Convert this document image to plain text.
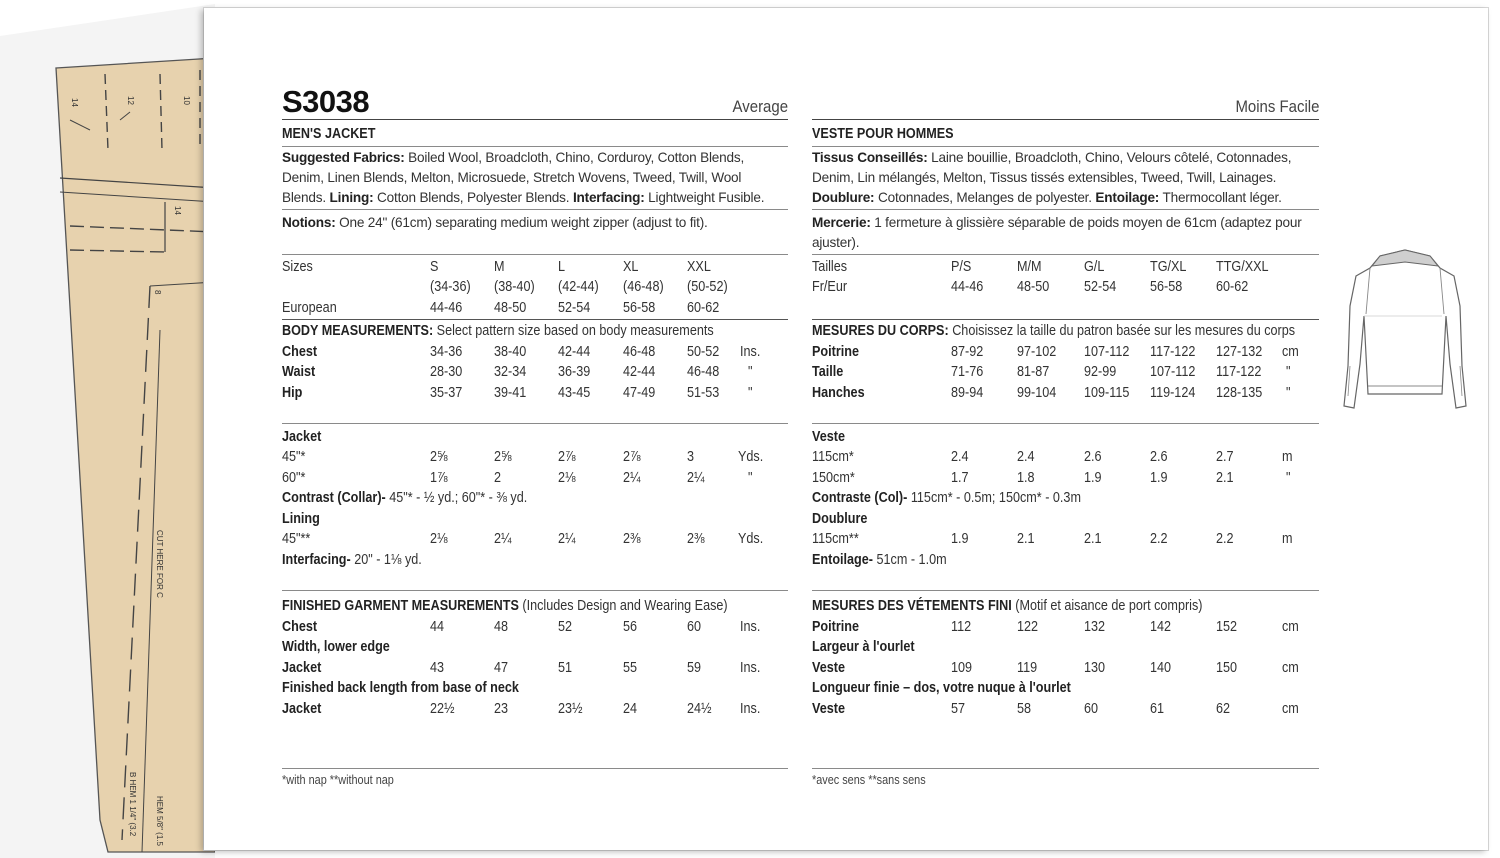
14	12	10
14
8
CUT HERE FOR C
B HEM 1 1/4" (3.2 HEM 5/8" (1.5
S3038	Average
MEN'S JACKET
Suggested Fabrics: Boiled Wool, Broadcloth, Chino, Corduroy, Cotton Blends, Denim, Linen Blends, Melton, Microsuede, Stretch Wovens, Tweed, Twill, Wool Blends. Lining: Cotton Blends, Polyester Blends. Interfacing: Lightweight Fusible.
Notions: One 24" (61cm) separating medium weight zipper (adjust to fit).
Sizes	S	M	L	XL	XXL
(34-36) (38-40) (42-44) (46-48) (50-52)
European	44-46 48-50 52-54 56-58 60-62
BODY MEASUREMENTS: Select pattern size based on body measurements
Chest	34-36 38-40 42-44 46-48 50-52 Ins.
Waist	28-30 32-34 36-39 42-44 46-48 "
Hip	35-37 39-41 43-45 47-49 51-53 "
Jacket
45"*	2⅝	2⅝	2⅞	2⅞	3	Yds.
60"*	1⅞	2	2⅛	2¼	2¼	"
Contrast (Collar)- 45"* - ½ yd.; 60"* - ⅜ yd.
Lining
45"**	2⅛	2¼	2¼	2⅜	2⅜ Yds.
Interfacing- 20" - 1⅛ yd.
FINISHED GARMENT MEASUREMENTS (Includes Design and Wearing Ease)
Chest	44	48	52	56	60	Ins.
Width, lower edge
Jacket	43	47	51	55	59	Ins.
Finished back length from base of neck
Jacket	22½	23	23½	24	24½ Ins.
*with nap **without nap
Moins Facile
VESTE POUR HOMMES
Tissus Conseillés: Laine bouillie, Broadcloth, Chino, Velours côtelé, Cotonnades, Denim, Lin mélangés, Melton, Tissus tissés extensibles, Tweed, Twill, Lainages. Doublure: Cotonnades, Melanges de polyester. Entoilage: Thermocollant léger.
Mercerie: 1 fermeture à glissière séparable de poids moyen de 61cm (adaptez pour ajuster).
Tailles	P/S	M/M	G/L	TG/XL TTG/XXL
Fr/Eur	44-46 48-50 52-54 56-58 60-62
MESURES DU CORPS: Choisissez la taille du patron basée sur les mesures du corps
Poitrine	87-92 97-102 107-112 117-122 127-132 cm
Taille	71-76 81-87 92-99 107-112 117-122 "
Hanches	89-94 99-104 109-115 119-124 128-135 "
Veste
115cm*	2.4	2.4	2.6	2.6	2.7	m
150cm*	1.7	1.8	1.9	1.9	2.1	"
Contraste (Col)- 115cm* - 0.5m; 150cm* - 0.3m
Doublure
115cm**	1.9	2.1	2.1	2.2	2.2	m
Entoilage- 51cm - 1.0m
MESURES DES VÉTEMENTS FINI (Motif et aisance de port compris)
Poitrine	112	122	132	142	152	cm
Largeur à l'ourlet
Veste	109	119	130	140	150	cm
Longueur finie – dos, votre nuque à l'ourlet
Veste	57	58	60	61	62	cm
*avec sens **sans sens
